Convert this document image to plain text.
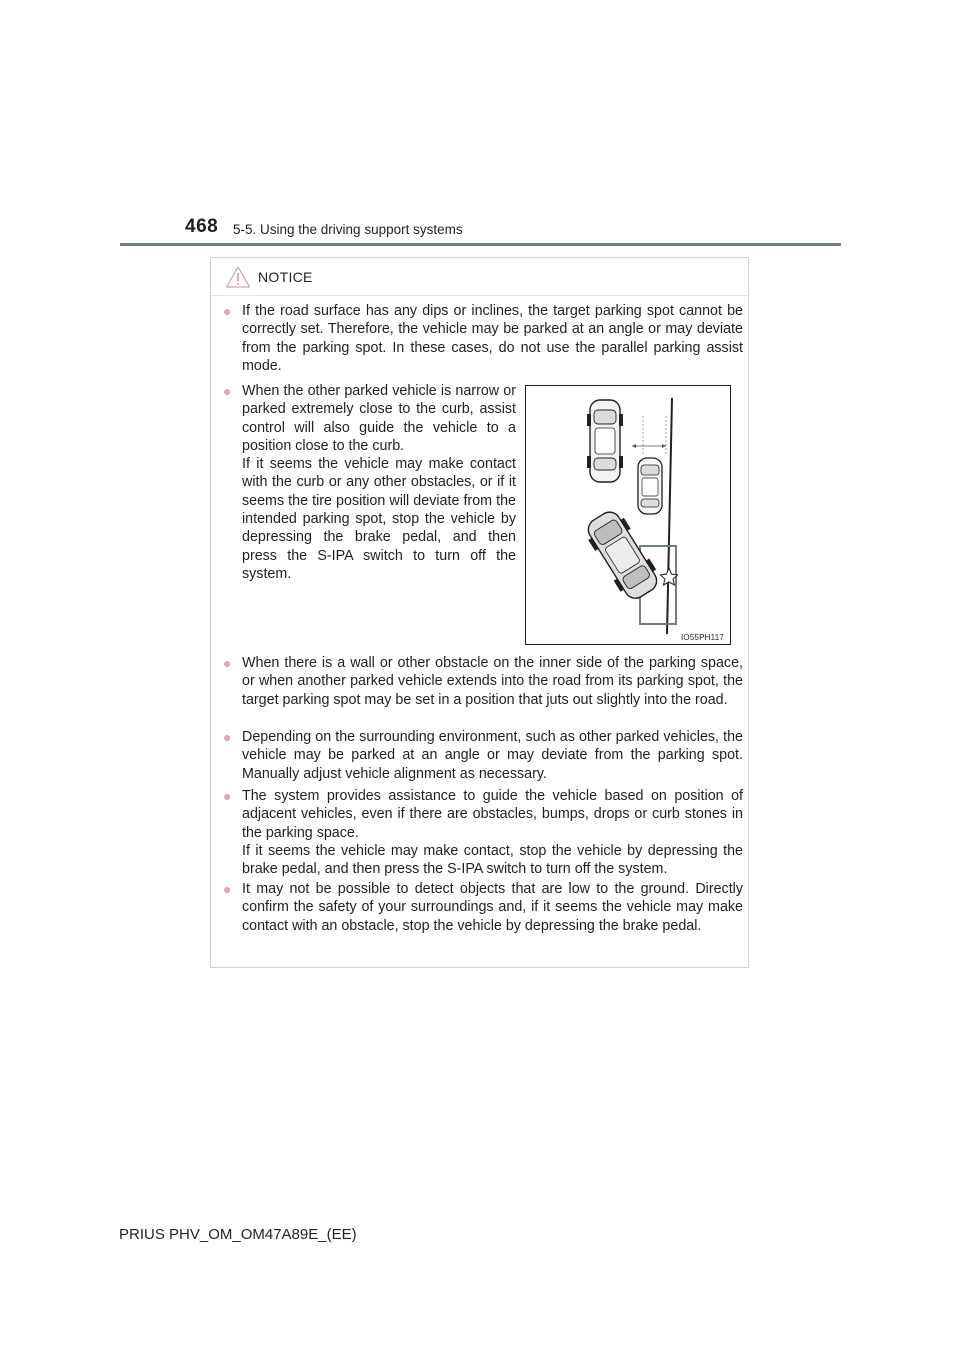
468 5-5. Using the driving support systems
NOTICE
● If the road surface has any dips or inclines, the target parking spot cannot be correctly set. Therefore, the vehicle may be parked at an angle or may deviate from the parking spot. In these cases, do not use the parallel parking assist mode.
● When the other parked vehicle is narrow or parked extremely close to the curb, assist control will also guide the vehicle to a position close to the curb.
If it seems the vehicle may make contact with the curb or any other obstacles, or if it seems the tire position will deviate from the intended parking spot, stop the vehicle by depressing the brake pedal, and then press the S-IPA switch to turn off the system.
IO55PH117
● When there is a wall or other obstacle on the inner side of the parking space, or when another parked vehicle extends into the road from its parking spot, the target parking spot may be set in a position that juts out slightly into the road.
● Depending on the surrounding environment, such as other parked vehicles, the vehicle may be parked at an angle or may deviate from the parking spot. Manually adjust vehicle alignment as necessary.
● The system provides assistance to guide the vehicle based on position of adjacent vehicles, even if there are obstacles, bumps, drops or curb stones in the parking space.
If it seems the vehicle may make contact, stop the vehicle by depressing the brake pedal, and then press the S-IPA switch to turn off the system.
● It may not be possible to detect objects that are low to the ground. Directly confirm the safety of your surroundings and, if it seems the vehicle may make contact with an obstacle, stop the vehicle by depressing the brake pedal.
PRIUS PHV_OM_OM47A89E_(EE)
